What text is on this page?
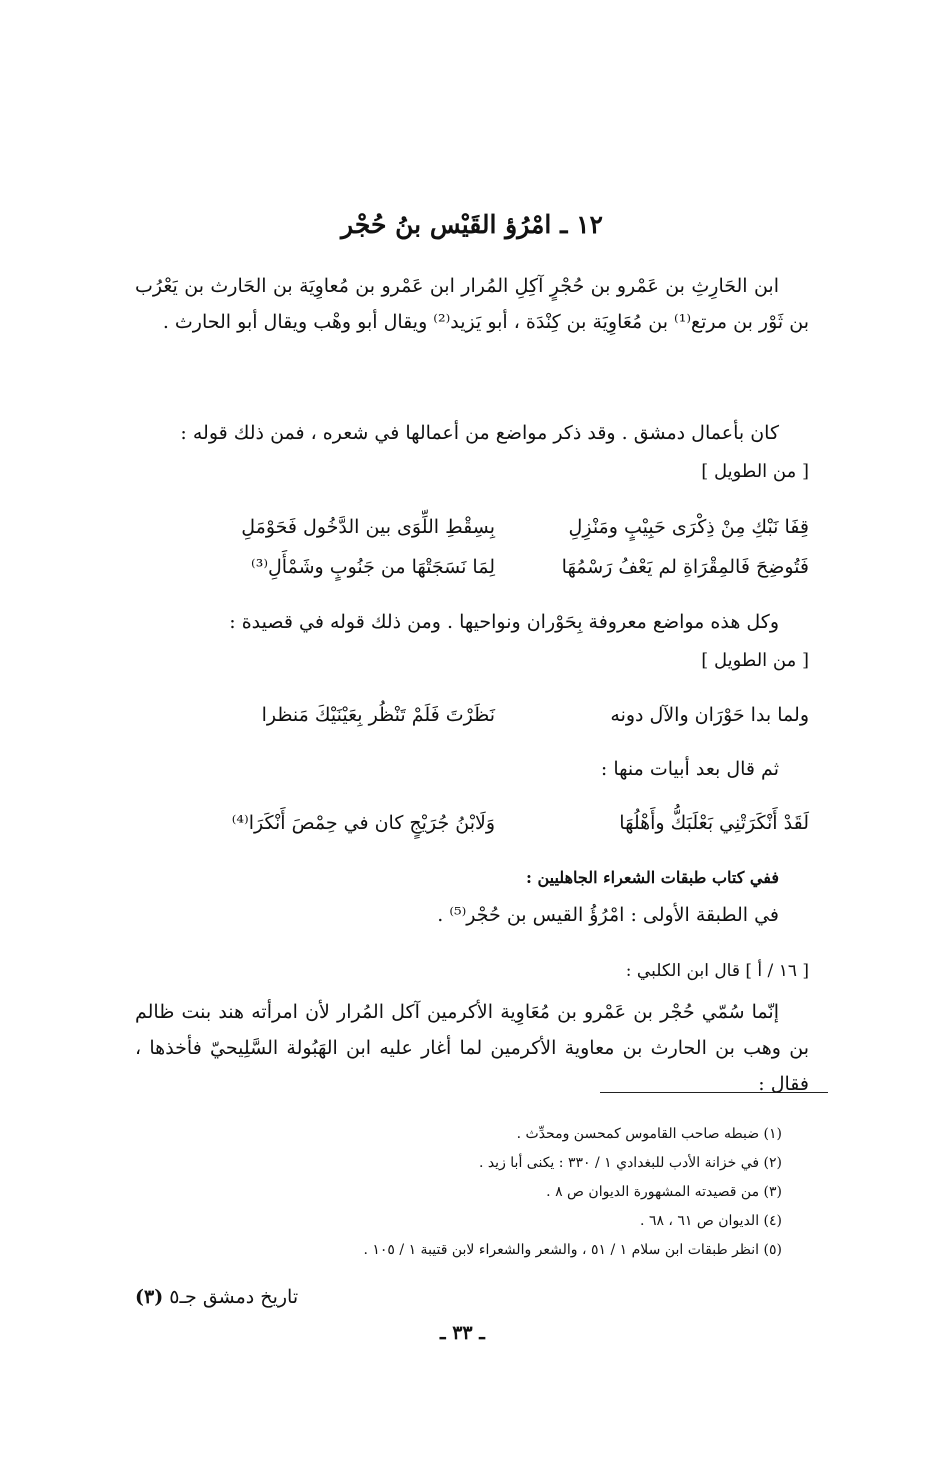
١٢ ـ امْرُؤ القَيْس بنُ حُجْر

ابن الحَارِثِ بن عَمْرو بن حُجْرٍ آكِلِ المُرار ابن عَمْرو بن مُعاوِيَة بن الحَارث بن يَعْرُب بن ثَوْر بن مرتع⁽¹⁾ بن مُعَاوِيَة بن كِنْدَة ، أبو يَزيد⁽²⁾ ويقال أبو وهْب ويقال أبو الحارث .

كان بأعمال دمشق . وقد ذكر مواضع من أعمالها في شعره ، فمن ذلك قوله :

[ من الطويل ]
قِفَا نَبْكِ مِنْ ذِكْرَى حَبِيْبٍ ومَنْزِلِ
بِسِقْطِ اللِّوَى بين الدَّخُول فَحَوْمَلِ
فَتُوضِحَ فَالمِقْرَاةِ لم يَعْفُ رَسْمُهَا
لِمَا نَسَجَتْهَا من جَنُوبٍ وشَمْأَلِ⁽³⁾

وكل هذه مواضع معروفة بِحَوْران ونواحيها . ومن ذلك قوله في قصيدة :

[ من الطويل ]
ولما بدا حَوْرَان والآل دونه
نَظَرْتَ فَلَمْ تَنْظُر بِعَيْنَيْكَ مَنظرا
ثم قال بعد أبيات منها :
لَقَدْ أَنْكَرَتْنِي بَعْلَبَكُّ وأَهْلُهَا
وَلَابْنُ جُرَيْجٍ كان في حِمْصَ أَنْكَرَا⁽⁴⁾
ففي كتاب طبقات الشعراء الجاهليين :
في الطبقة الأولى : امْرُؤُ القيس بن حُجْر⁽⁵⁾ .
[ ١٦ / أ ] قال ابن الكلبي :

إنّما سُمّي حُجْر بن عَمْرو بن مُعَاوِية الأكرمين آكل المُرار لأن امرأته هند بنت ظالم بن وهب بن الحارث بن معاوية الأكرمين لما أغار عليه ابن الهَبُولة السَّلِيحيّ فأخذها ، فقال :

(١) ضبطه صاحب القاموس كمحسن ومحدِّث .
(٢) في خزانة الأدب للبغدادي ١ / ٣٣٠ : يكنى أبا زيد .
(٣) من قصيدته المشهورة الديوان ص ٨ .
(٤) الديوان ص ٦١ ، ٦٨ .
(٥) انظر طبقات ابن سلام ١ / ٥١ ، والشعر والشعراء لابن قتيبة ١ / ١٠٥ .
تاريخ دمشق جـ٥ (٣)
ـ ٣٣ ـ
